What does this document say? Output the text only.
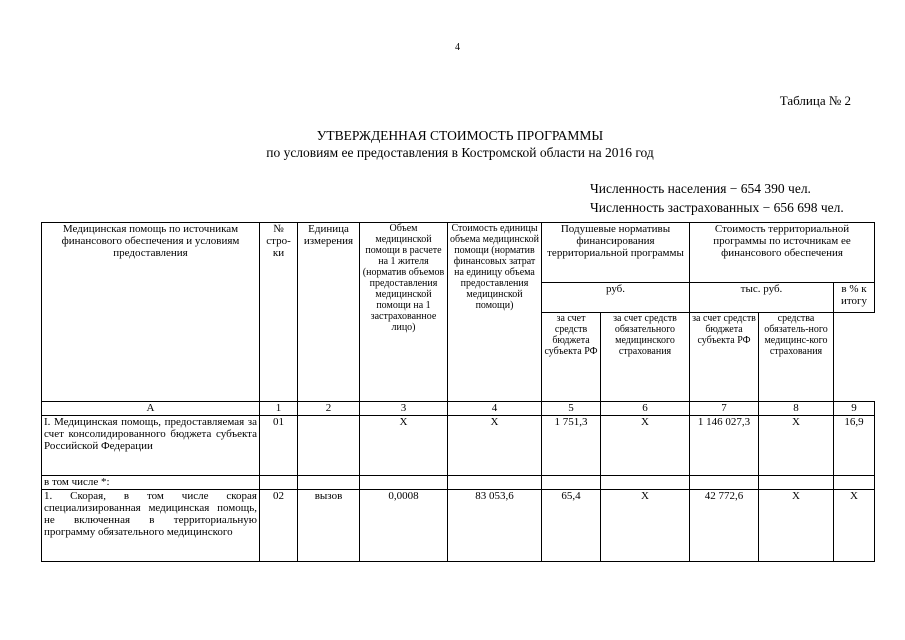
4
Таблица № 2
УТВЕРЖДЕННАЯ СТОИМОСТЬ ПРОГРАММЫ
по условиям ее предоставления в Костромской области на 2016 год
Численность населения − 654 390 чел.
Численность застрахованных − 656 698 чел.
Медицинская помощь по источникам финансового обеспечения и условиям предоставления	№ стро-ки	Единица измерения	Объем медицинской помощи в расчете на 1 жителя (норматив объемов предоставления медицинской помощи на 1 застрахованное лицо)	Стоимость единицы объема медицинской помощи (норматив финансовых затрат на единицу объема предоставления медицинской помощи)	Подушевые нормативы финансирования территориальной программы		Стоимость территориальной программы по источникам ее финансового обеспечения		
					руб.		тыс. руб.		в % к итогу
					за счет средств бюджета субъекта РФ	за счет средств обязательного медицинского страхования	за счет средств бюджета субъекта РФ	средства обязатель-ного медицинс-кого страхования	
А	1	2	3	4	5	6	7	8	9
I. Медицинская помощь, предоставляемая за счет консолидированного бюджета субъекта Российской Федерации	01		Х	Х	1 751,3	Х	1 146 027,3	Х	16,9
в том числе *:									
1. Скорая, в том числе скорая специализированная медицинская помощь, не включенная в территориальную программу обязательного медицинского	02	вызов	0,0008	83 053,6	65,4	Х	42 772,6	Х	Х
